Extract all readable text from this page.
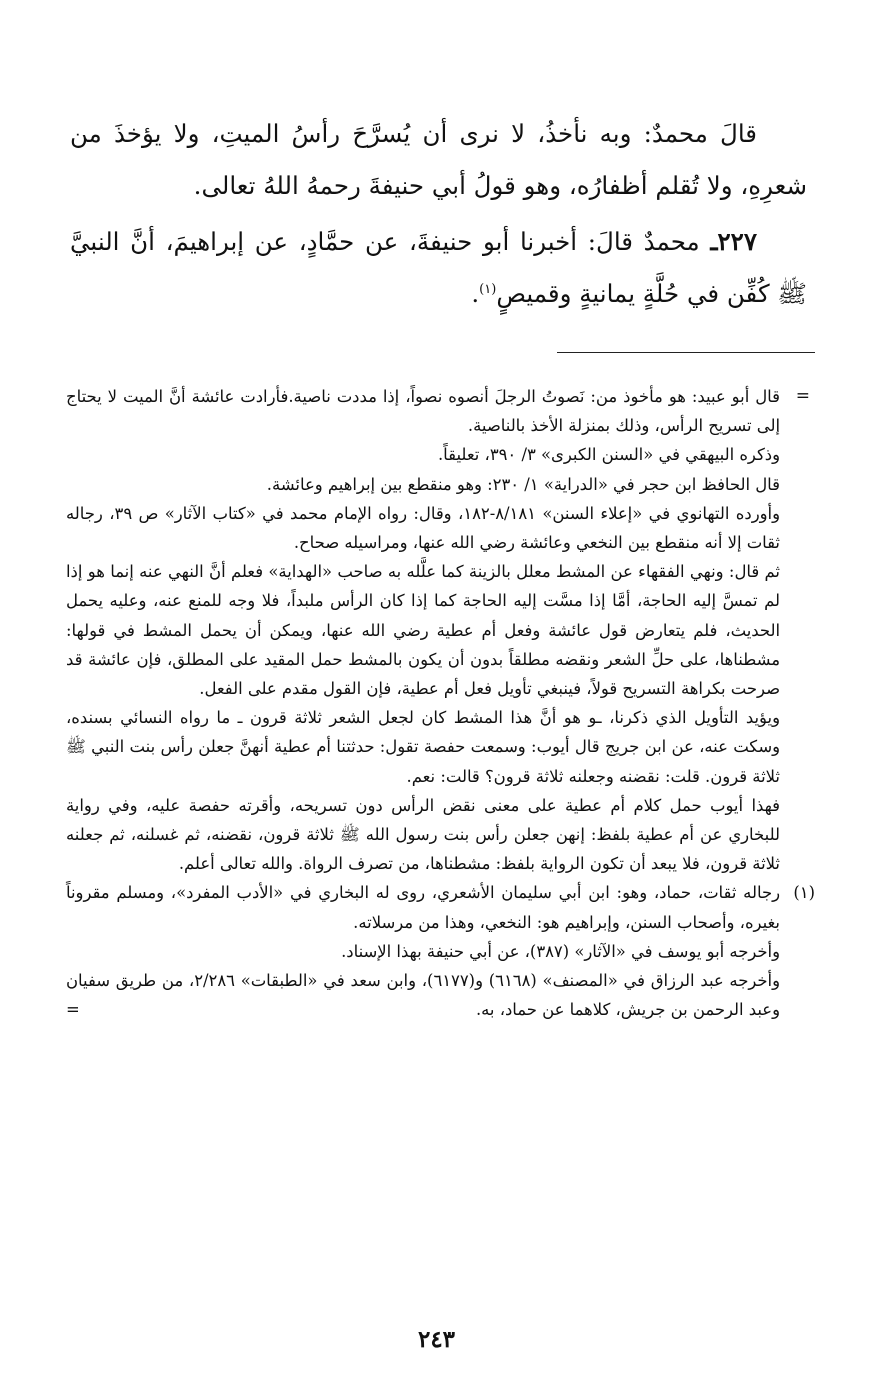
قالَ محمدٌ: وبه نأخذُ، لا نرى أن يُسرَّحَ رأسُ الميتِ، ولا يؤخذَ من شعرِهِ، ولا تُقلم أظفارُه، وهو قولُ أبي حنيفةَ رحمهُ اللهُ تعالى.

٢٢٧ـ محمدٌ قالَ: أخبرنا أبو حنيفةَ، عن حمَّادٍ، عن إبراهيمَ، أنَّ النبيَّ ﷺ كُفِّن في حُلَّةٍ يمانيةٍ وقميصٍ$^{(١)}$.

=
قال أبو عبيد: هو مأخوذ من: نَصوتُ الرجلَ أنصوه نصواً، إذا مددت ناصية.فأرادت عائشة أنَّ الميت لا يحتاج إلى تسريح الرأس، وذلك بمنزلة الأخذ بالناصية.

وذكره البيهقي في «السنن الكبرى» ٣/ ٣٩٠، تعليقاً.

قال الحافظ ابن حجر في «الدراية» ١/ ٢٣٠: وهو منقطع بين إبراهيم وعائشة.

وأورده التهانوي في «إعلاء السنن» ٨/١٨١-١٨٢، وقال: رواه الإمام محمد في «كتاب الآثار» ص ٣٩، رجاله ثقات إلا أنه منقطع بين النخعي وعائشة رضي الله عنها، ومراسيله صحاح.

ثم قال: ونهي الفقهاء عن المشط معلل بالزينة كما علَّله به صاحب «الهداية» فعلم أنَّ النهي عنه إنما هو إذا لم تمسَّ إليه الحاجة، أمَّا إذا مسَّت إليه الحاجة كما إذا كان الرأس ملبداً، فلا وجه للمنع عنه، وعليه يحمل الحديث، فلم يتعارض قول عائشة وفعل أم عطية رضي الله عنها، ويمكن أن يحمل المشط في قولها: مشطناها، على حلِّ الشعر ونقضه مطلقاً بدون أن يكون بالمشط حمل المقيد على المطلق، فإن عائشة قد صرحت بكراهة التسريح قولاً، فينبغي تأويل فعل أم عطية، فإن القول مقدم على الفعل.

ويؤيد التأويل الذي ذكرنا، ـو هو أنَّ هذا المشط كان لجعل الشعر ثلاثة قرون ـ ما رواه النسائي بسنده، وسكت عنه، عن ابن جريج قال أيوب: وسمعت حفصة تقول: حدثتنا أم عطية أنهنَّ جعلن رأس بنت النبي ﷺ ثلاثة قرون. قلت: نقضنه وجعلنه ثلاثة قرون؟ قالت: نعم.

فهذا أيوب حمل كلام أم عطية على معنى نقض الرأس دون تسريحه، وأقرته حفصة عليه، وفي رواية للبخاري عن أم عطية بلفظ: إنهن جعلن رأس بنت رسول الله ﷺ ثلاثة قرون، نقضنه، ثم غسلنه، ثم جعلنه ثلاثة قرون، فلا يبعد أن تكون الرواية بلفظ: مشطناها، من تصرف الرواة. والله تعالى أعلم.

(١)
رجاله ثقات، حماد، وهو: ابن أبي سليمان الأشعري، روى له البخاري في «الأدب المفرد»، ومسلم مقروناً بغيره، وأصحاب السنن، وإبراهيم هو: النخعي، وهذا من مرسلاته.

وأخرجه أبو يوسف في «الآثار» (٣٨٧)، عن أبي حنيفة بهذا الإسناد.

وأخرجه عبد الرزاق في «المصنف» (٦١٦٨) و(٦١٧٧)، وابن سعد في «الطبقات» ٢/٢٨٦، من طريق سفيان وعبد الرحمن بن جريش، كلاهما عن حماد، به.
=

٢٤٣
